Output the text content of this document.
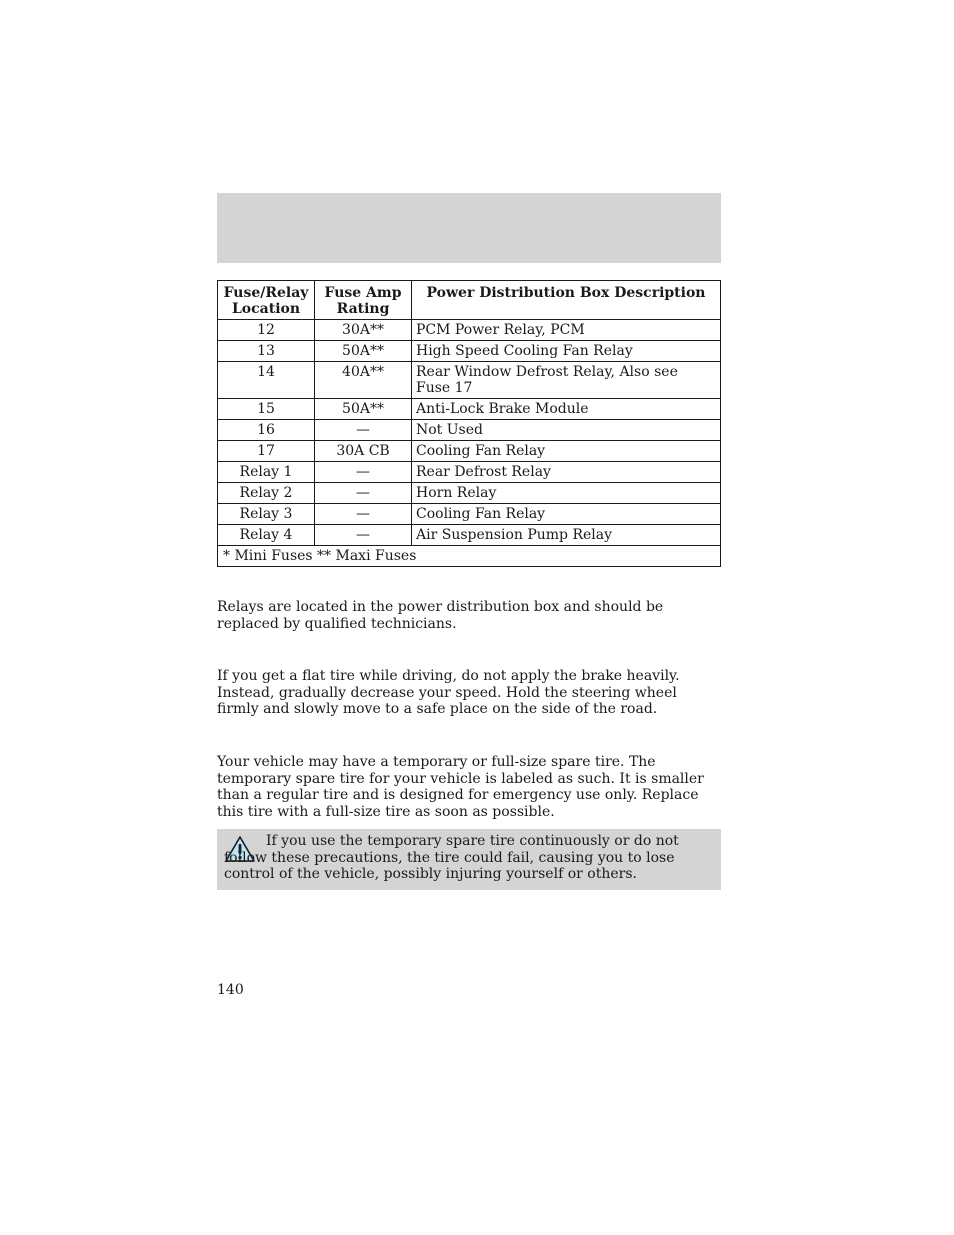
Fuse/Relay Location	Fuse Amp Rating	Power Distribution Box Description
12	30A**	PCM Power Relay, PCM
13	50A**	High Speed Cooling Fan Relay
14	40A**	Rear Window Defrost Relay, Also see Fuse 17
15	50A**	Anti-Lock Brake Module
16	—	Not Used
17	30A CB	Cooling Fan Relay
Relay 1	—	Rear Defrost Relay
Relay 2	—	Horn Relay
Relay 3	—	Cooling Fan Relay
Relay 4	—	Air Suspension Pump Relay
* Mini Fuses ** Maxi Fuses		

Relays are located in the power distribution box and should be replaced by qualified technicians.

If you get a flat tire while driving, do not apply the brake heavily. Instead, gradually decrease your speed. Hold the steering wheel firmly and slowly move to a safe place on the side of the road.

Your vehicle may have a temporary or full-size spare tire. The temporary spare tire for your vehicle is labeled as such. It is smaller than a regular tire and is designed for emergency use only. Replace this tire with a full-size tire as soon as possible.

If you use the temporary spare tire continuously or do not follow these precautions, the tire could fail, causing you to lose control of the vehicle, possibly injuring yourself or others.

140
